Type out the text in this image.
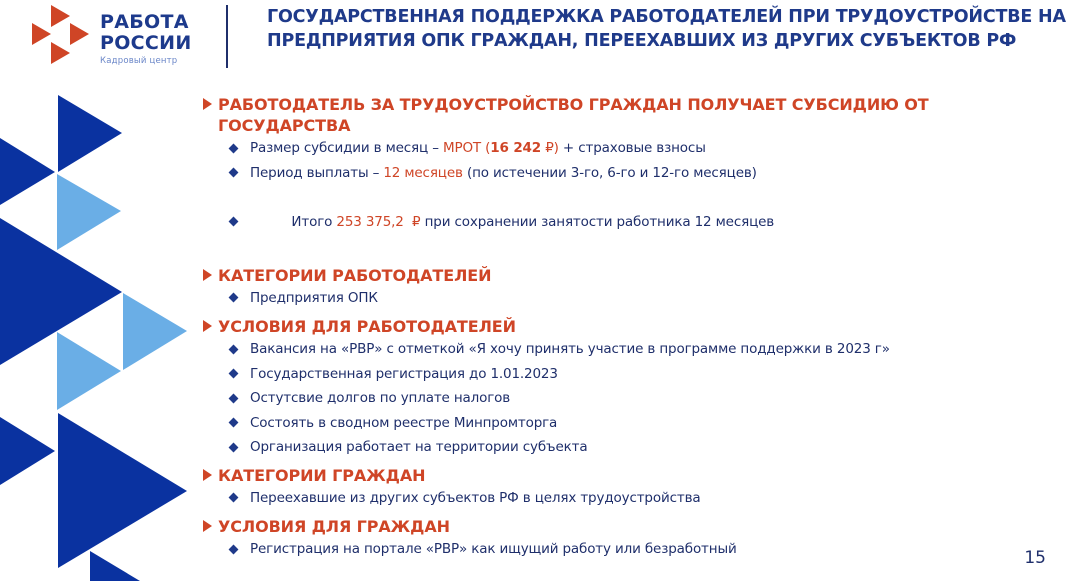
РАБОТА
РОССИИ
Кадровый центр
ГОСУДАРСТВЕННАЯ ПОДДЕРЖКА РАБОТОДАТЕЛЕЙ ПРИ ТРУДОУСТРОЙСТВЕ НА ПРЕДПРИЯТИЯ ОПК ГРАЖДАН, ПЕРЕЕХАВШИХ ИЗ ДРУГИХ СУБЪЕКТОВ РФ
РАБОТОДАТЕЛЬ ЗА ТРУДОУСТРОЙСТВО ГРАЖДАН ПОЛУЧАЕТ СУБСИДИЮ ОТ ГОСУДАРСТВА
Размер субсидии в месяц – МРОТ (16 242 ₽) + страховые взносы
Период выплаты – 12 месяцев (по истечении 3-го, 6-го и 12-го месяцев)

Итого 253 375,2  ₽ при сохранении занятости работника 12 месяцев

КАТЕГОРИИ РАБОТОДАТЕЛЕЙ
Предприятия ОПК
УСЛОВИЯ ДЛЯ РАБОТОДАТЕЛЕЙ
Вакансия на «РВР» с отметкой «Я хочу принять участие в программе поддержки в 2023 г»
Государственная регистрация до 1.01.2023
Остутсвие долгов по уплате налогов
Состоять в сводном реестре Минпромторга
Организация работает на территории субъекта
КАТЕГОРИИ ГРАЖДАН
Переехавшие из других субъектов РФ в целях трудоустройства
УСЛОВИЯ ДЛЯ ГРАЖДАН
Регистрация на портале «РВР» как ищущий работу или безработный	15
